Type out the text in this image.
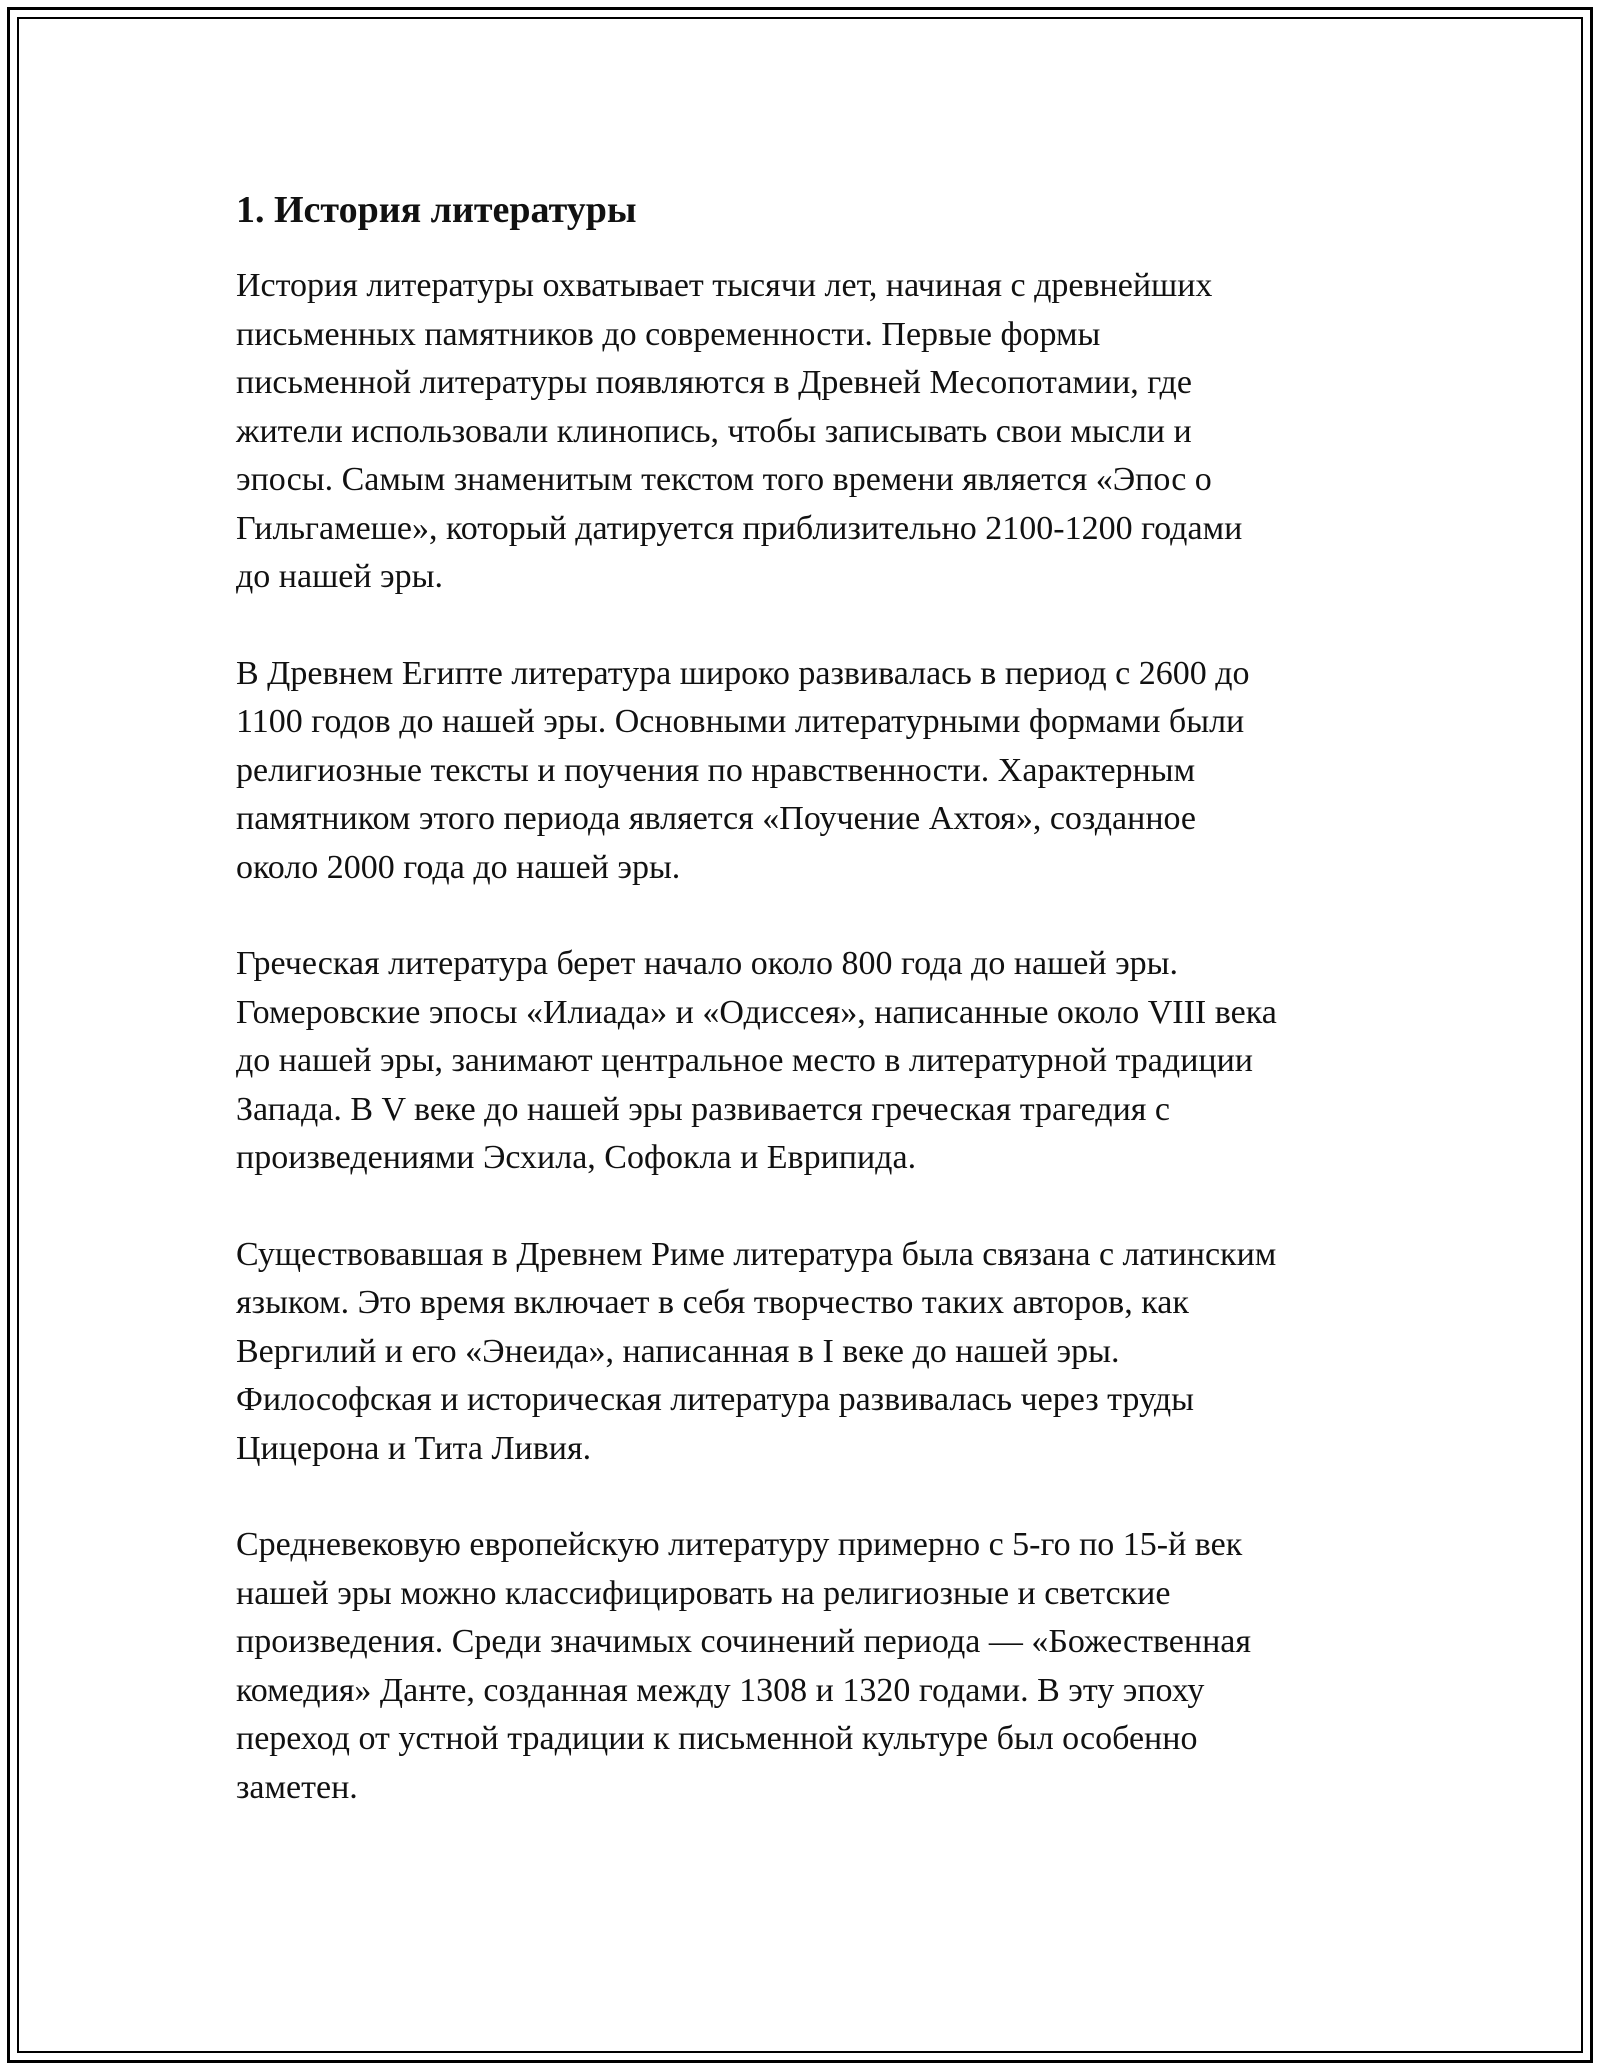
1. История литературы

История литературы охватывает тысячи лет, начиная с древнейших
письменных памятников до современности. Первые формы
письменной литературы появляются в Древней Месопотамии, где
жители использовали клинопись, чтобы записывать свои мысли и
эпосы. Самым знаменитым текстом того времени является «Эпос о
Гильгамеше», который датируется приблизительно 2100-1200 годами
до нашей эры.

В Древнем Египте литература широко развивалась в период с 2600 до
1100 годов до нашей эры. Основными литературными формами были
религиозные тексты и поучения по нравственности. Характерным
памятником этого периода является «Поучение Ахтоя», созданное
около 2000 года до нашей эры.

Греческая литература берет начало около 800 года до нашей эры.
Гомеровские эпосы «Илиада» и «Одиссея», написанные около VIII века
до нашей эры, занимают центральное место в литературной традиции
Запада. В V веке до нашей эры развивается греческая трагедия с
произведениями Эсхила, Софокла и Еврипида.

Существовавшая в Древнем Риме литература была связана с латинским
языком. Это время включает в себя творчество таких авторов, как
Вергилий и его «Энеида», написанная в I веке до нашей эры.
Философская и историческая литература развивалась через труды
Цицерона и Тита Ливия.

Средневековую европейскую литературу примерно с 5-го по 15-й век
нашей эры можно классифицировать на религиозные и светские
произведения. Среди значимых сочинений периода — «Божественная
комедия» Данте, созданная между 1308 и 1320 годами. В эту эпоху
переход от устной традиции к письменной культуре был особенно
заметен.
